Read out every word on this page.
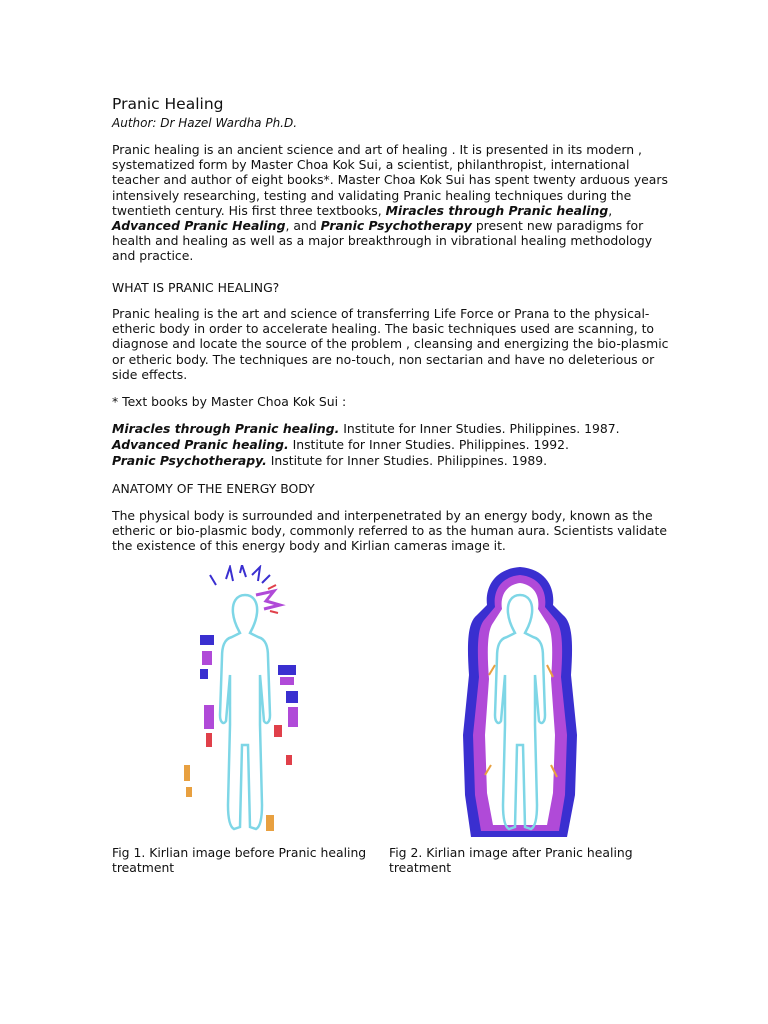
Pranic Healing
Author: Dr Hazel Wardha Ph.D.

Pranic healing is an ancient science and art of healing . It is presented in its modern , systematized form by Master Choa Kok Sui, a scientist, philanthropist, international teacher and author of eight books*. Master Choa Kok Sui has spent twenty arduous years intensively researching, testing and validating Pranic healing techniques during the twentieth century. His first three textbooks, Miracles through Pranic healing, Advanced Pranic Healing, and Pranic Psychotherapy present new paradigms for health and healing as well as a major breakthrough in vibrational healing methodology and practice.

WHAT IS PRANIC HEALING?

Pranic healing is the art and science of transferring Life Force or Prana to the physical-etheric body in order to accelerate healing. The basic techniques used are scanning, to diagnose and locate the source of the problem , cleansing and energizing the bio-plasmic or etheric body. The techniques are no-touch, non sectarian and have no deleterious or side effects.

* Text books by Master Choa Kok Sui :
Miracles through Pranic healing. Institute for Inner Studies. Philippines. 1987.
Advanced Pranic healing. Institute for Inner Studies. Philippines. 1992.
Pranic Psychotherapy. Institute for Inner Studies. Philippines. 1989.
ANATOMY OF THE ENERGY BODY

The physical body is surrounded and interpenetrated by an energy body, known as the etheric or bio-plasmic body, commonly referred to as the human aura. Scientists validate the existence of this energy body and Kirlian cameras image it.

Fig 1. Kirlian image before Pranic healing treatment
Fig 2. Kirlian image after Pranic healing treatment
